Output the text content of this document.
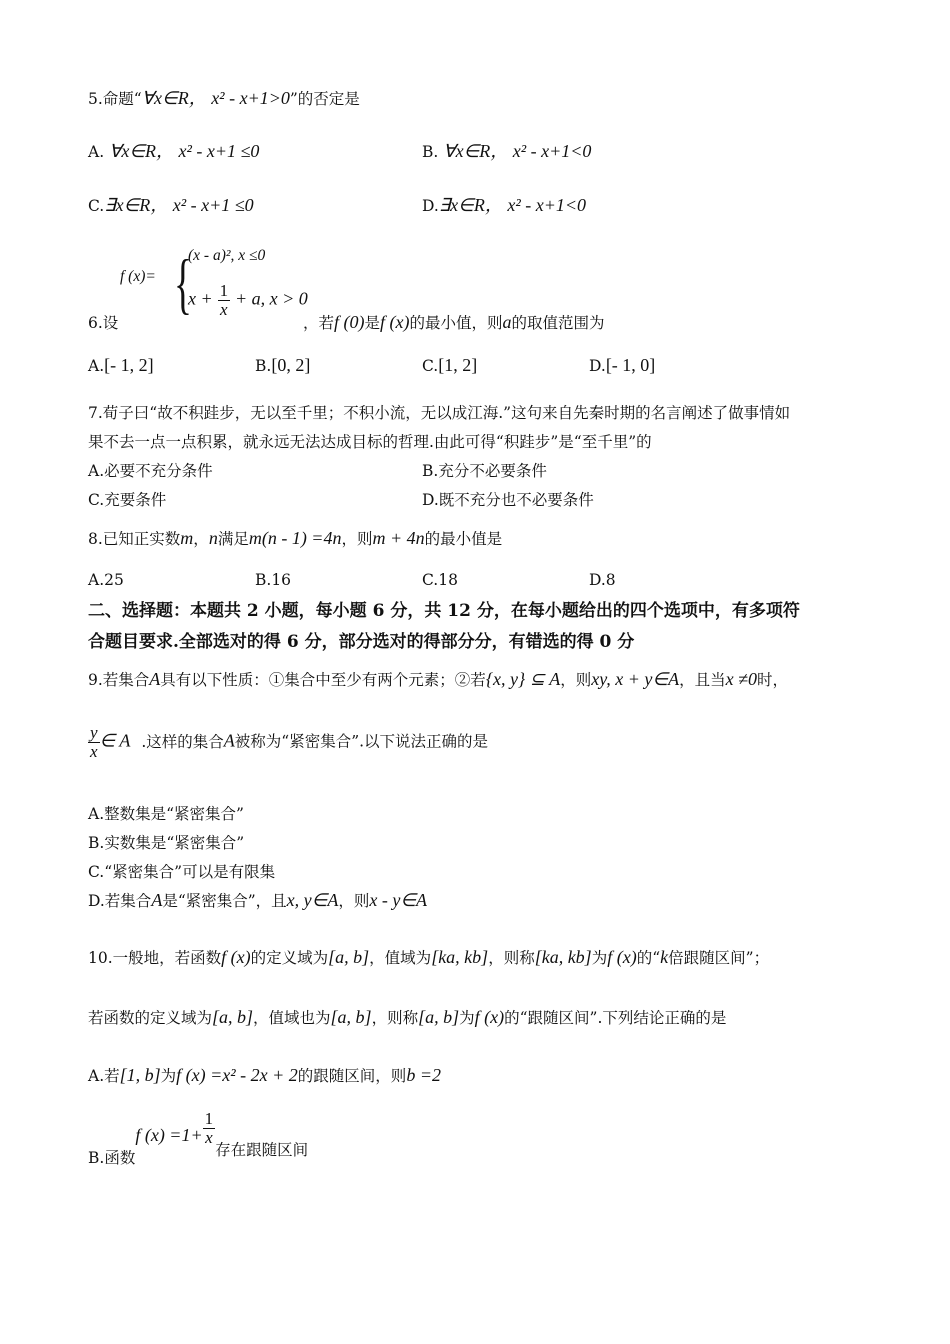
5.命题“∀x∈R， x² - x+1>0”的否定是
A. ∀x∈R， x² - x+1 ≤0	B. ∀x∈R， x² - x+1<0
C.∃x∈R， x² - x+1 ≤0	D.∃x∈R， x² - x+1<0
6.设
f (x)= {
(x - a)², x ≤0
$x + \frac{1}{x} + a$, x > 0
，若f (0)是f (x)的最小值，则a的取值范围为
A.[- 1, 2]	B.[0, 2]	C.[1, 2]	D.[- 1, 0]
7.荀子曰“故不积跬步，无以至千里；不积小流，无以成江海.”这句来自先秦时期的名言阐述了做事情如
果不去一点一点积累，就永远无法达成目标的哲理.由此可得“积跬步”是“至千里”的
A.必要不充分条件	B.充分不必要条件
C.充要条件	D.既不充分也不必要条件
8.已知正实数m，n满足m(n - 1) =4n，则m + 4n的最小值是
A.25	B.16	C.18	D.8
二、选择题：本题共 2 小题，每小题 6 分，共 12 分，在每小题给出的四个选项中，有多项符
合题目要求.全部选对的得 6 分，部分选对的得部分分，有错选的得 0 分
9.若集合A具有以下性质：①集合中至少有两个元素；②若{x, y} ⊆ A，则xy, x + y∈A，且当x ≠0时，
$\frac{y}{x}$ ∈ A .这样的集合A被称为“紧密集合”.以下说法正确的是
A.整数集是“紧密集合”
B.实数集是“紧密集合”
C.“紧密集合”可以是有限集
D.若集合A是“紧密集合”，且x, y∈A，则x - y∈A
10.一般地，若函数f (x)的定义域为[a, b]，值域为[ka, kb]，则称[ka, kb]为f (x)的“k倍跟随区间”；
若函数的定义域为[a, b]，值域也为[a, b]，则称[a, b]为f (x)的“跟随区间”.下列结论正确的是
A.若[1, b]为f (x) =x² - 2x + 2的跟随区间，则b =2
B.函数f $(x) =1+ \frac{1}{x}$
存在跟随区间
